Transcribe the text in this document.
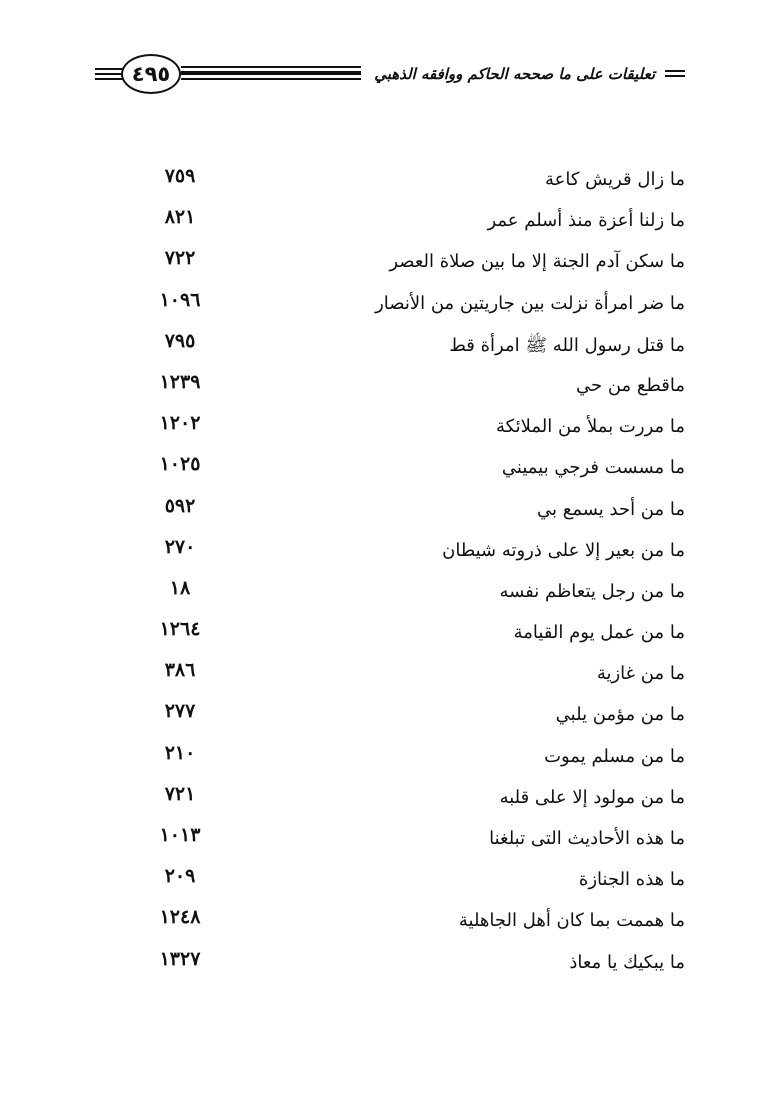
٤٩٥	تعليقات على ما صححه الحاكم ووافقه الذهبي
ما زال قريش كاعة
٧٥٩
ما زلنا أعزة منذ أسلم عمر
٨٢١
ما سكن آدم الجنة إلا ما بين صلاة العصر
٧٢٢
ما ضر امرأة نزلت بين جاريتين من الأنصار
١٠٩٦
ما قتل رسول الله ﷺ امرأة قط
٧٩٥
ماقطع من حي
١٢٣٩
ما مررت بملأ من الملائكة
١٢٠٢
ما مسست فرجي بيميني
١٠٢٥
ما من أحد يسمع بي
٥٩٢
ما من بعير إلا على ذروته شيطان
٢٧٠
ما من رجل يتعاظم نفسه
١٨
ما من عمل يوم القيامة
١٢٦٤
ما من غازية
٣٨٦
ما من مؤمن يلبي
٢٧٧
ما من مسلم يموت
٢١٠
ما من مولود إلا على قلبه
٧٢١
ما هذه الأحاديث التى تبلغنا
١٠١٣
ما هذه الجنازة
٢٠٩
ما هممت بما كان أهل الجاهلية
١٢٤٨
ما يبكيك يا معاذ
١٣٢٧
